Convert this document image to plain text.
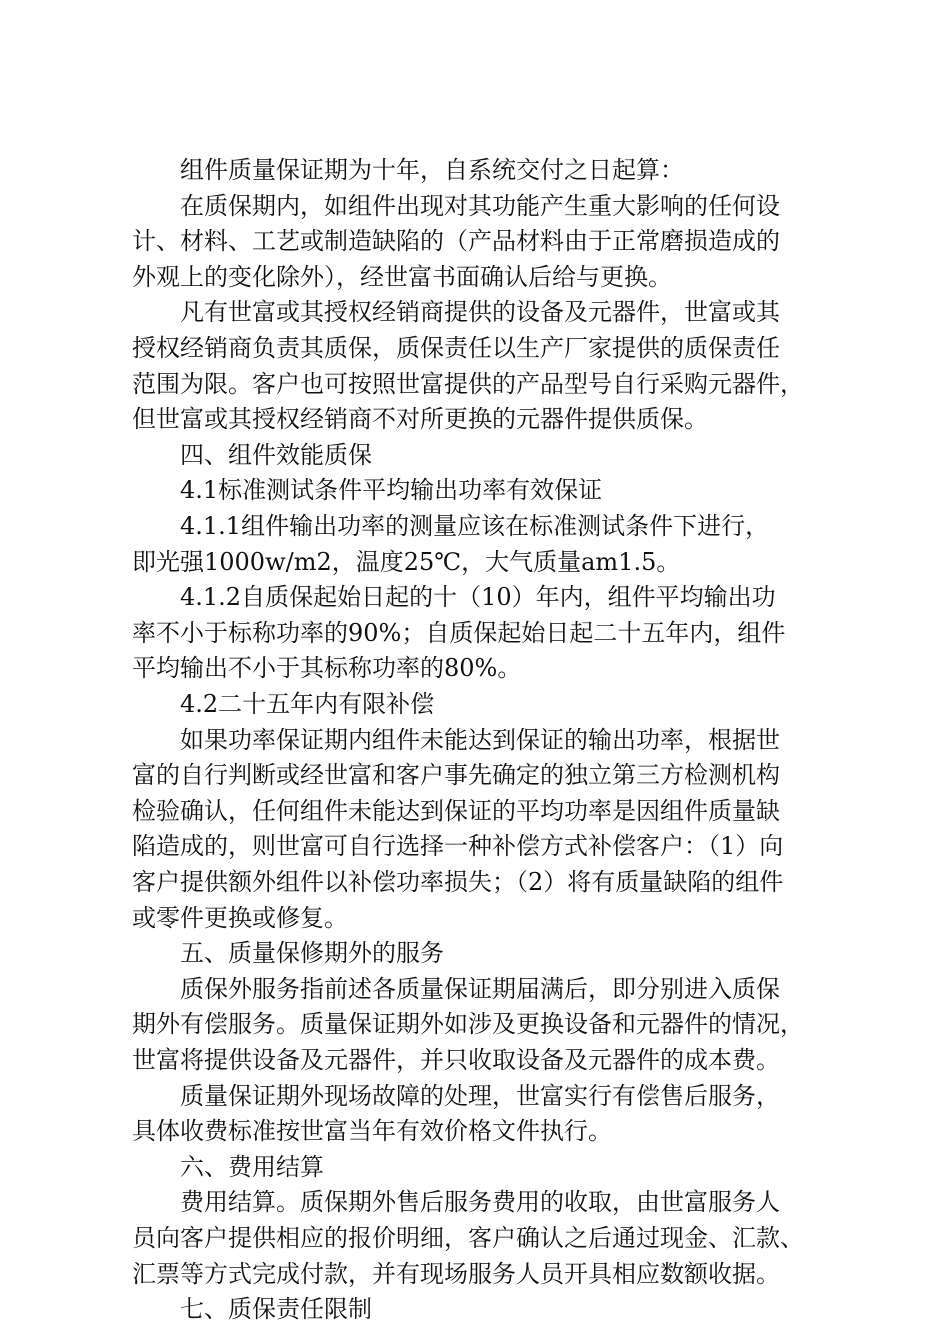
组件质量保证期为十年，自系统交付之日起算：
在质保期内，如组件出现对其功能产生重大影响的任何设
计、材料、工艺或制造缺陷的（产品材料由于正常磨损造成的
外观上的变化除外），经世富书面确认后给与更换。
凡有世富或其授权经销商提供的设备及元器件，世富或其
授权经销商负责其质保，质保责任以生产厂家提供的质保责任
范围为限。客户也可按照世富提供的产品型号自行采购元器件，
但世富或其授权经销商不对所更换的元器件提供质保。
四、组件效能质保
4.1标准测试条件平均输出功率有效保证
4.1.1组件输出功率的测量应该在标准测试条件下进行，
即光强1000w/m2，温度25℃，大气质量am1.5。
4.1.2自质保起始日起的十（10）年内，组件平均输出功
率不小于标称功率的90%；自质保起始日起二十五年内，组件
平均输出不小于其标称功率的80%。
4.2二十五年内有限补偿
如果功率保证期内组件未能达到保证的输出功率，根据世
富的自行判断或经世富和客户事先确定的独立第三方检测机构
检验确认，任何组件未能达到保证的平均功率是因组件质量缺
陷造成的，则世富可自行选择一种补偿方式补偿客户：（1）向
客户提供额外组件以补偿功率损失；（2）将有质量缺陷的组件
或零件更换或修复。
五、质量保修期外的服务
质保外服务指前述各质量保证期届满后，即分别进入质保
期外有偿服务。质量保证期外如涉及更换设备和元器件的情况，
世富将提供设备及元器件，并只收取设备及元器件的成本费。
质量保证期外现场故障的处理，世富实行有偿售后服务，
具体收费标准按世富当年有效价格文件执行。
六、费用结算
费用结算。质保期外售后服务费用的收取，由世富服务人
员向客户提供相应的报价明细，客户确认之后通过现金、汇款、
汇票等方式完成付款，并有现场服务人员开具相应数额收据。
七、质保责任限制
